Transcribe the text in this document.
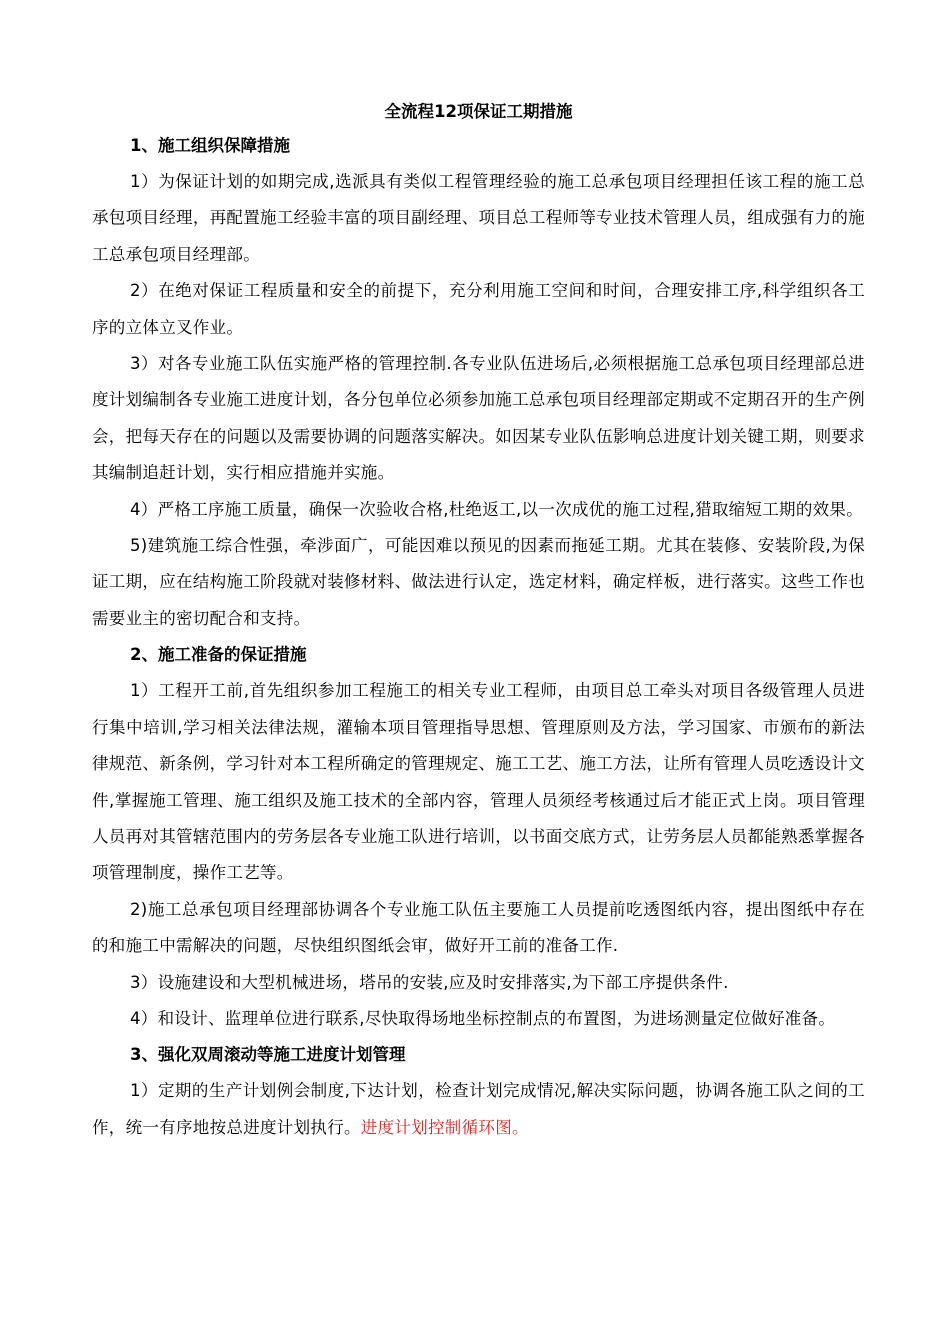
全流程12项保证工期措施

1、施工组织保障措施

1）为保证计划的如期完成,选派具有类似工程管理经验的施工总承包项目经理担任该工程的施工总承包项目经理，再配置施工经验丰富的项目副经理、项目总工程师等专业技术管理人员，组成强有力的施工总承包项目经理部。

2）在绝对保证工程质量和安全的前提下，充分利用施工空间和时间，合理安排工序,科学组织各工序的立体立叉作业。

3）对各专业施工队伍实施严格的管理控制.各专业队伍进场后,必须根据施工总承包项目经理部总进度计划编制各专业施工进度计划，各分包单位必须参加施工总承包项目经理部定期或不定期召开的生产例会，把每天存在的问题以及需要协调的问题落实解决。如因某专业队伍影响总进度计划关键工期，则要求其编制追赶计划，实行相应措施并实施。

4）严格工序施工质量，确保一次验收合格,杜绝返工,以一次成优的施工过程,猎取缩短工期的效果。

5)建筑施工综合性强，牵涉面广，可能因难以预见的因素而拖延工期。尤其在装修、安装阶段,为保证工期，应在结构施工阶段就对装修材料、做法进行认定，选定材料，确定样板，进行落实。这些工作也需要业主的密切配合和支持。

2、施工准备的保证措施

1）工程开工前,首先组织参加工程施工的相关专业工程师，由项目总工牵头对项目各级管理人员进行集中培训,学习相关法律法规，灌输本项目管理指导思想、管理原则及方法，学习国家、市颁布的新法律规范、新条例，学习针对本工程所确定的管理规定、施工工艺、施工方法，让所有管理人员吃透设计文件,掌握施工管理、施工组织及施工技术的全部内容，管理人员须经考核通过后才能正式上岗。项目管理人员再对其管辖范围内的劳务层各专业施工队进行培训，以书面交底方式，让劳务层人员都能熟悉掌握各项管理制度，操作工艺等。

2)施工总承包项目经理部协调各个专业施工队伍主要施工人员提前吃透图纸内容，提出图纸中存在的和施工中需解决的问题，尽快组织图纸会审，做好开工前的准备工作.

3）设施建设和大型机械进场，塔吊的安装,应及时安排落实,为下部工序提供条件.

4）和设计、监理单位进行联系,尽快取得场地坐标控制点的布置图，为进场测量定位做好准备。

3、强化双周滚动等施工进度计划管理

1）定期的生产计划例会制度,下达计划，检查计划完成情况,解决实际问题，协调各施工队之间的工作，统一有序地按总进度计划执行。进度计划控制循环图。
